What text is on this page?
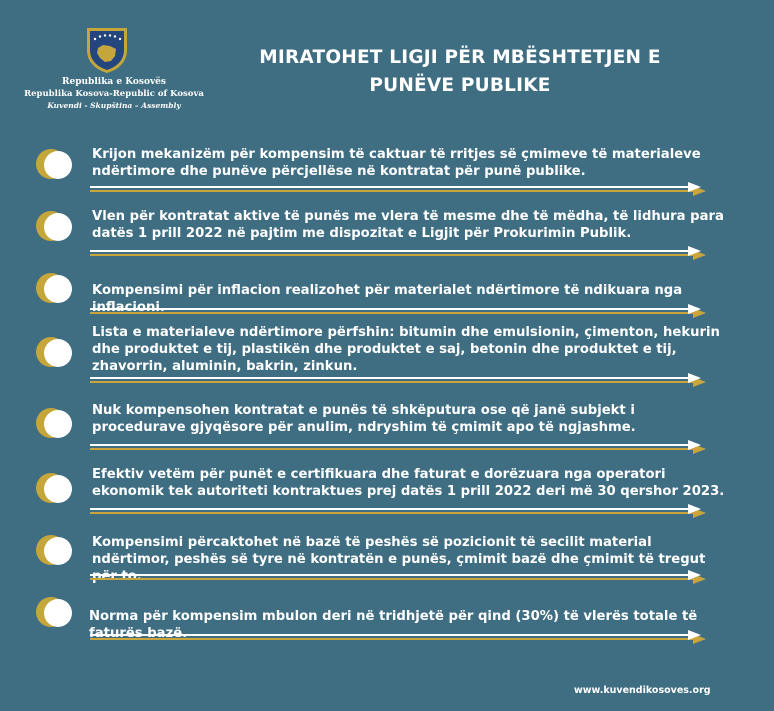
Republika e Kosovës
Republika Kosova-Republic of Kosova
Kuvendi - Skupština – Assembly
MIRATOHET LIGJI PËR MBËSHTETJEN E
PUNËVE PUBLIKE
Krijon mekanizëm për kompensim të caktuar të rritjes së çmimeve të materialeve ndërtimore dhe punëve përcjellëse në kontratat për punë publike.
Vlen për kontratat aktive të punës me vlera të mesme dhe të mëdha, të lidhura para datës 1 prill 2022 në pajtim me dispozitat e Ligjit për Prokurimin Publik.
Kompensimi për inflacion realizohet për materialet ndërtimore të ndikuara nga inflacioni.
Lista e materialeve ndërtimore përfshin: bitumin dhe emulsionin, çimenton, hekurin dhe produktet e tij, plastikën dhe produktet e saj, betonin dhe produktet e tij, zhavorrin, aluminin, bakrin, zinkun.
Nuk kompensohen kontratat e punës të shkëputura ose që janë subjekt i procedurave gjyqësore për anulim, ndryshim të çmimit apo të ngjashme.
Efektiv vetëm për punët e certifikuara dhe faturat e dorëzuara nga operatori ekonomik tek autoriteti kontraktues prej datës 1 prill 2022 deri më 30 qershor 2023.
Kompensimi përcaktohet në bazë të peshës së pozicionit të secilit material ndërtimor, peshës së tyre në kontratën e punës, çmimit bazë dhe çmimit të tregut për to.
Norma për kompensim mbulon deri në tridhjetë për qind (30%) të vlerës totale të faturës bazë.
www.kuvendikosoves.org
